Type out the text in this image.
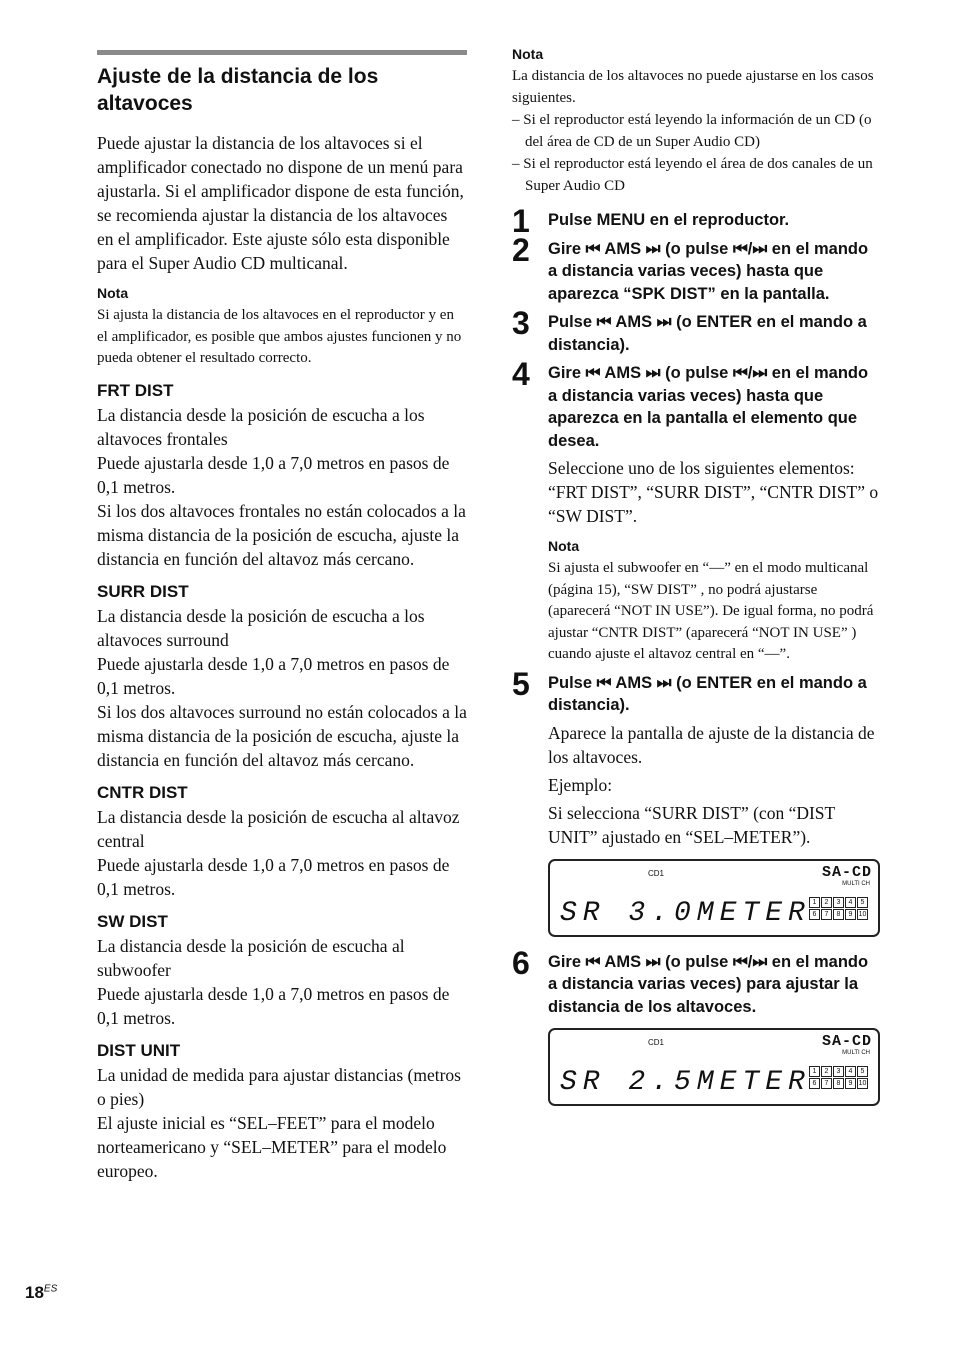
Ajuste de la distancia de los altavoces

Puede ajustar la distancia de los altavoces si el amplificador conectado no dispone de un menú para ajustarla. Si el amplificador dispone de esta función, se recomienda ajustar la distancia de los altavoces en el amplificador. Este ajuste sólo esta disponible para el Super Audio CD multicanal.

Nota

Si ajusta la distancia de los altavoces en el reproductor y en el amplificador, es posible que ambos ajustes funcionen y no pueda obtener el resultado correcto.

FRT DIST

La distancia desde la posición de escucha a los altavoces frontales

Puede ajustarla desde 1,0 a 7,0 metros en pasos de 0,1 metros.

Si los dos altavoces frontales no están colocados a la misma distancia de la posición de escucha, ajuste la distancia en función del altavoz más cercano.

SURR DIST

La distancia desde la posición de escucha a los altavoces surround

Puede ajustarla desde 1,0 a 7,0 metros en pasos de 0,1 metros.

Si los dos altavoces surround no están colocados a la misma distancia de la posición de escucha, ajuste la distancia en función del altavoz más cercano.

CNTR DIST

La distancia desde la posición de escucha al altavoz central

Puede ajustarla desde 1,0 a 7,0 metros en pasos de 0,1 metros.

SW DIST

La distancia desde la posición de escucha al subwoofer

Puede ajustarla desde 1,0 a 7,0 metros en pasos de 0,1 metros.

DIST UNIT

La unidad de medida para ajustar distancias (metros o pies)

El ajuste inicial es “SEL–FEET” para el modelo norteamericano y “SEL–METER” para el modelo europeo.

Nota

La distancia de los altavoces no puede ajustarse en los casos siguientes.

– Si el reproductor está leyendo la información de un CD (o del área de CD de un Super Audio CD)

– Si el reproductor está leyendo el área de dos canales de un Super Audio CD

1 Pulse MENU en el reproductor.

2 Gire ⏮ AMS ⏭ (o pulse ⏮/⏭ en el mando a distancia varias veces) hasta que aparezca “SPK DIST” en la pantalla.

3 Pulse ⏮ AMS ⏭ (o ENTER en el mando a distancia).

4 Gire ⏮ AMS ⏭ (o pulse ⏮/⏭ en el mando a distancia varias veces) hasta que aparezca en la pantalla el elemento que desea.

Seleccione uno de los siguientes elementos: “FRT DIST”, “SURR DIST”, “CNTR DIST” o “SW DIST”.

Nota

Si ajusta el subwoofer en “—” en el modo multicanal (página 15), “SW DIST” , no podrá ajustarse (aparecerá “NOT IN USE”). De igual forma, no podrá ajustar “CNTR DIST” (aparecerá “NOT IN USE” ) cuando ajuste el altavoz central en “—”.

5 Pulse ⏮ AMS ⏭ (o ENTER en el mando a distancia).

Aparece la pantalla de ajuste de la distancia de los altavoces.

Ejemplo:

Si selecciona “SURR DIST” (con “DIST UNIT” ajustado en “SEL–METER”).

CD1	SA-CD
MULTI CH
SR 3.0METER 1	2	3	4	5
6	7	8	9 10
6 Gire ⏮ AMS ⏭ (o pulse ⏮/⏭ en el mando a distancia varias veces) para ajustar la distancia de los altavoces.

CD1	SA-CD
MULTI CH
SR 2.5METER 1	2	3	4	5
6	7	8	9 10
$18^{ES}$
